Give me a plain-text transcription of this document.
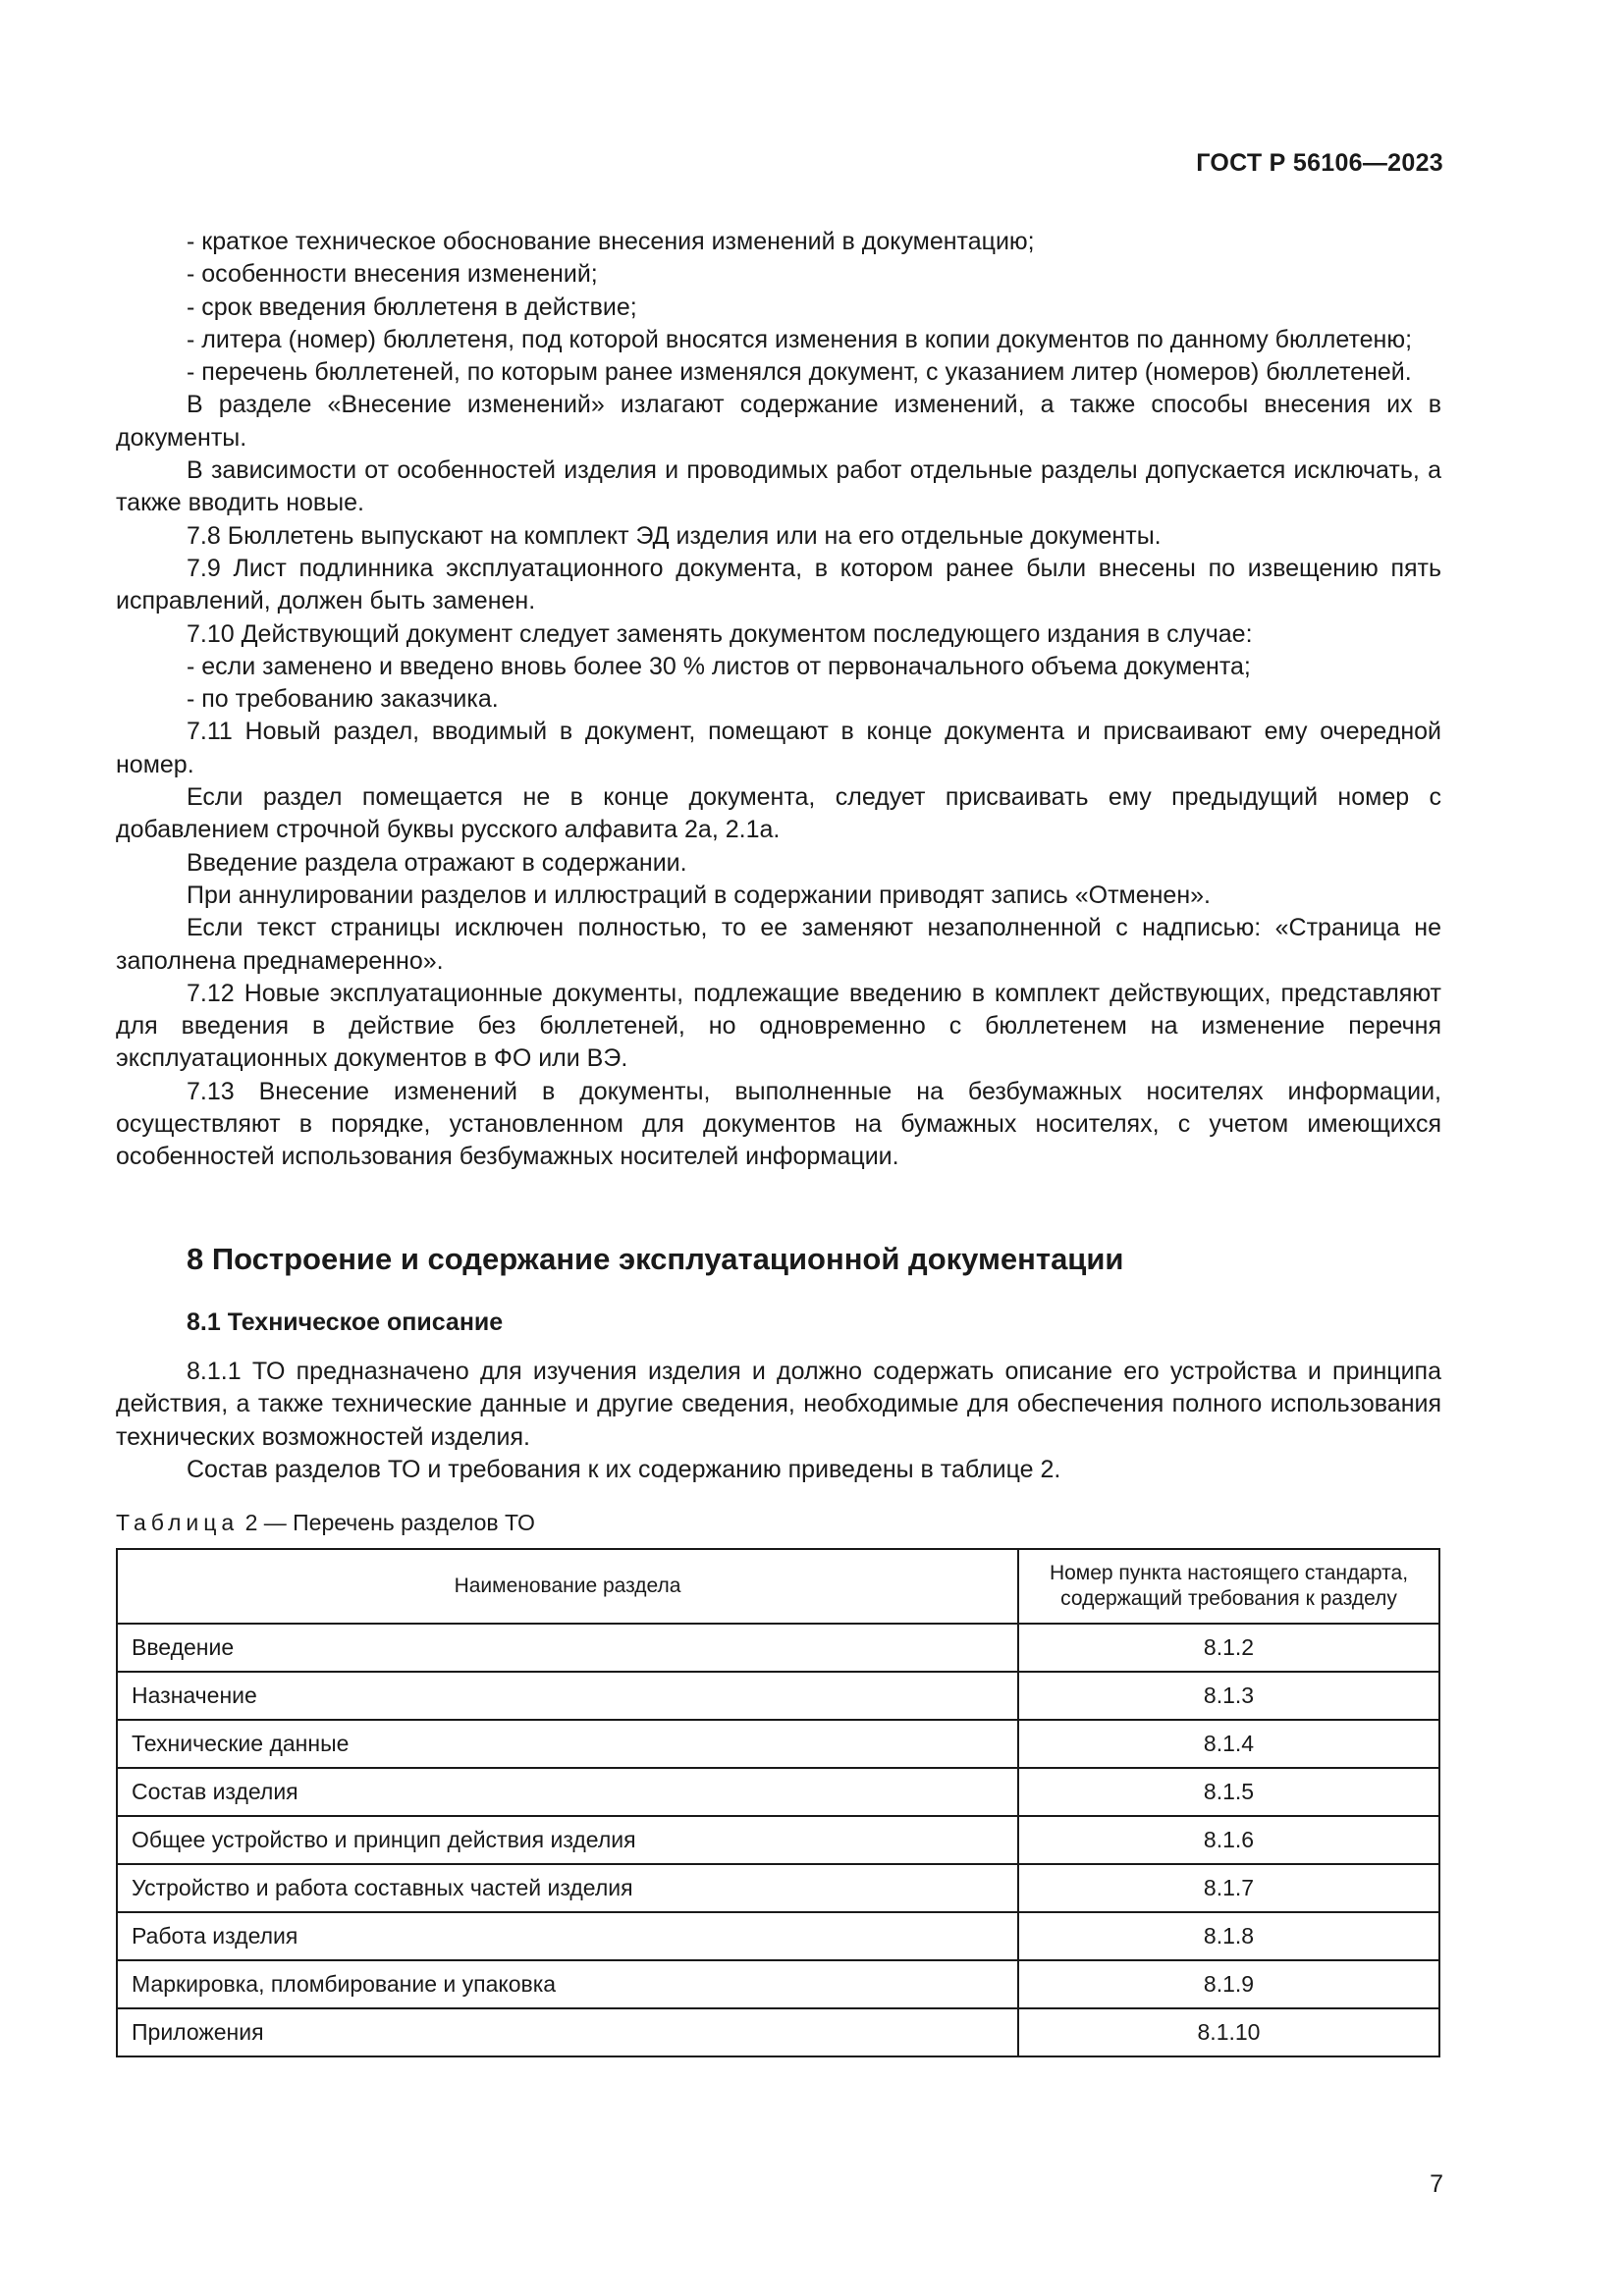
ГОСТ Р 56106—2023

- краткое техническое обоснование внесения изменений в документацию;

- особенности внесения изменений;

- срок введения бюллетеня в действие;

- литера (номер) бюллетеня, под которой вносятся изменения в копии документов по данному бюллетеню;

- перечень бюллетеней, по которым ранее изменялся документ, с указанием литер (номеров) бюллетеней.

В разделе «Внесение изменений» излагают содержание изменений, а также способы внесения их в документы.

В зависимости от особенностей изделия и проводимых работ отдельные разделы допускается исключать, а также вводить новые.

7.8 Бюллетень выпускают на комплект ЭД изделия или на его отдельные документы.

7.9 Лист подлинника эксплуатационного документа, в котором ранее были внесены по извещению пять исправлений, должен быть заменен.

7.10 Действующий документ следует заменять документом последующего издания в случае:

- если заменено и введено вновь более 30 % листов от первоначального объема документа;

- по требованию заказчика.

7.11 Новый раздел, вводимый в документ, помещают в конце документа и присваивают ему очередной номер.

Если раздел помещается не в конце документа, следует присваивать ему предыдущий номер с добавлением строчной буквы русского алфавита 2а, 2.1а.

Введение раздела отражают в содержании.

При аннулировании разделов и иллюстраций в содержании приводят запись «Отменен».

Если текст страницы исключен полностью, то ее заменяют незаполненной с надписью: «Страница не заполнена преднамеренно».

7.12 Новые эксплуатационные документы, подлежащие введению в комплект действующих, представляют для введения в действие без бюллетеней, но одновременно с бюллетенем на изменение перечня эксплуатационных документов в ФО или ВЭ.

7.13 Внесение изменений в документы, выполненные на безбумажных носителях информации, осуществляют в порядке, установленном для документов на бумажных носителях, с учетом имеющихся особенностей использования безбумажных носителей информации.

8 Построение и содержание эксплуатационной документации
8.1 Техническое описание

8.1.1 ТО предназначено для изучения изделия и должно содержать описание его устройства и принципа действия, а также технические данные и другие сведения, необходимые для обеспечения полного использования технических возможностей изделия.

Состав разделов ТО и требования к их содержанию приведены в таблице 2.

Таблица 2 — Перечень разделов ТО
Наименование раздела	Номер пункта настоящего стандарта, содержащий требования к разделу
Введение	8.1.2
Назначение	8.1.3
Технические данные	8.1.4
Состав изделия	8.1.5
Общее устройство и принцип действия изделия	8.1.6
Устройство и работа составных частей изделия	8.1.7
Работа изделия	8.1.8
Маркировка, пломбирование и упаковка	8.1.9
Приложения	8.1.10
7
